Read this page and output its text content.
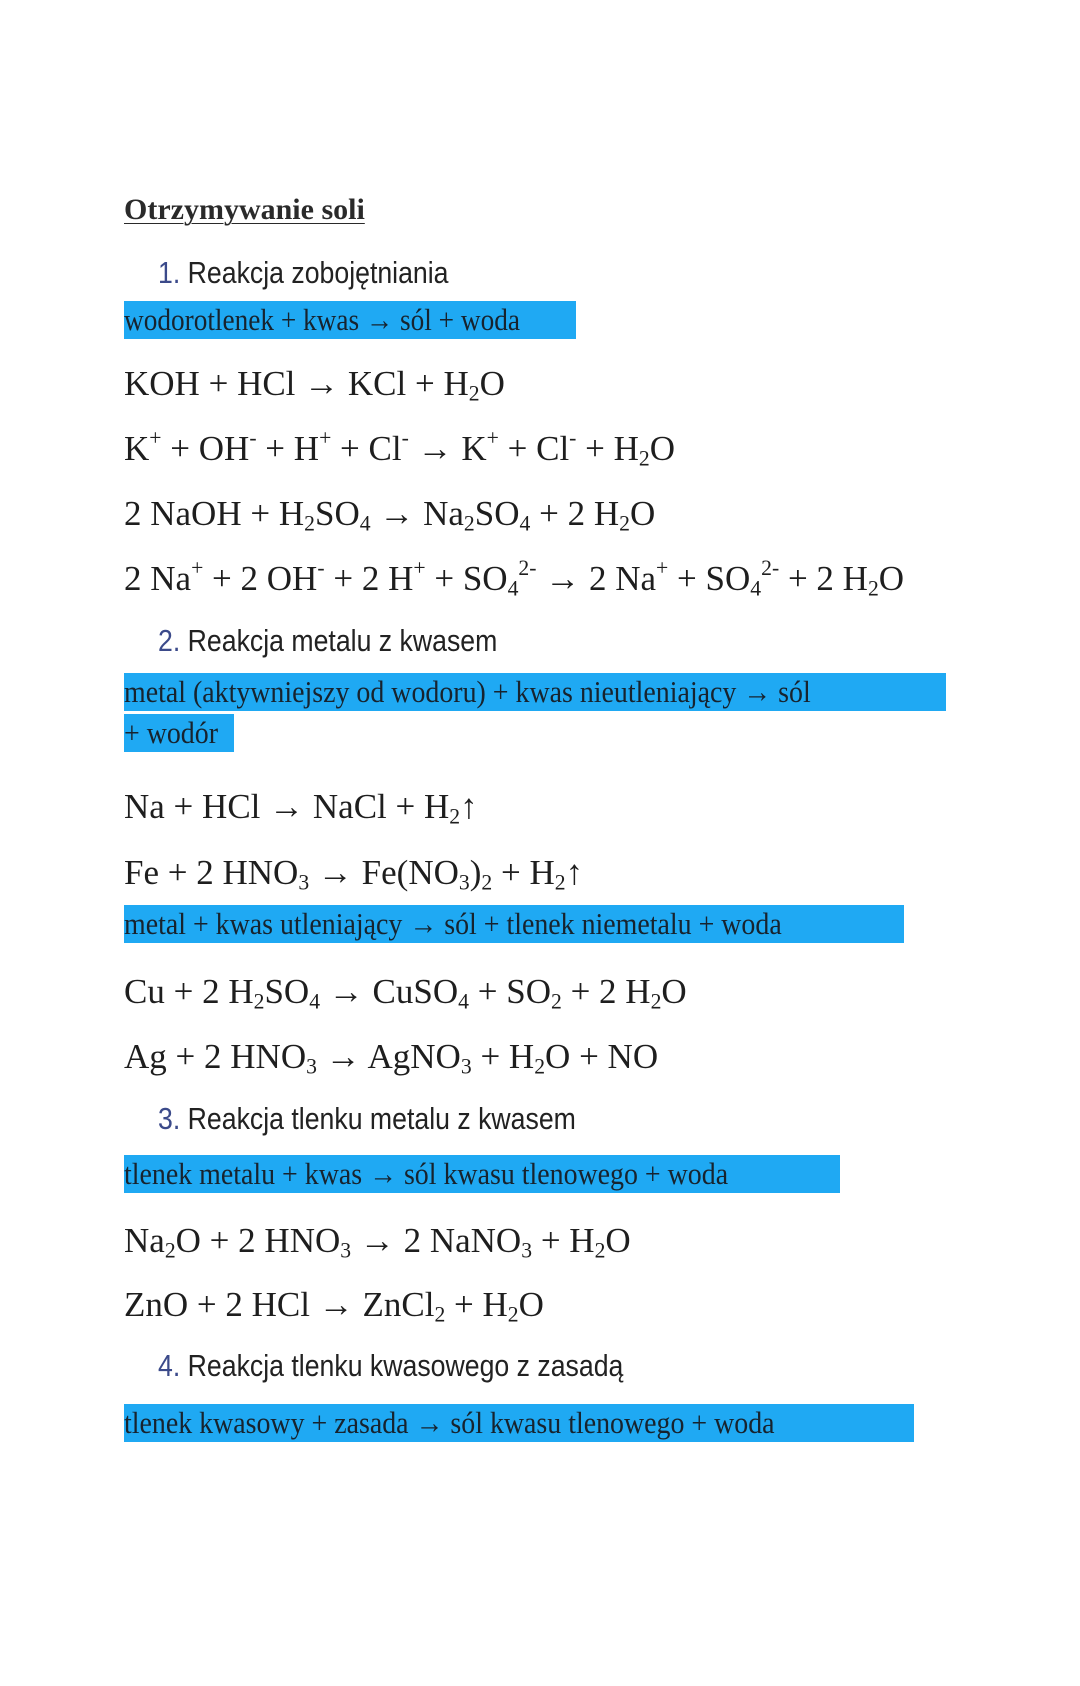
Otrzymywanie soli
1. Reakcja zobojętniania
wodorotlenek + kwas → sól + woda
KOH + HCl → KCl + $H_2O$
$K^+ + OH^- + H^+ + Cl^- \to K^+ + Cl^- + H_2O$
2 NaOH + $H_2SO_4 \to Na_2SO_4 + 2$ $H_2O$
2 Na+ + 2 OH- + 2 $H^+ + SO_4^{2-} \to 2$ $Na^+ + SO_4^{2-} + 2$ $H_2O$
2. Reakcja metalu z kwasem
metal (aktywniejszy od wodoru) + kwas nieutleniający → sól
+ wodór
Na + HCl → NaCl + $H_2↑$
Fe + 2 $HNO_3 \to Fe(NO_3)_2$ + $H_2↑$
metal + kwas utleniający → sól + tlenek niemetalu + woda
Cu + 2 $H_2SO_4$ → CuSO$_4$ + $SO_2 + 2$ $H_2O$
Ag + 2 $HNO_3$ → AgNO$_3$ + $H_2O$ + NO
3. Reakcja tlenku metalu z kwasem
tlenek metalu + kwas → sól kwasu tlenowego + woda
$Na_2O + 2$ $HNO_3 \to 2$ NaNO$_3$ + $H_2O$
ZnO + 2 HCl → ZnCl$_2$ + $H_2O$
4. Reakcja tlenku kwasowego z zasadą
tlenek kwasowy + zasada → sól kwasu tlenowego + woda
